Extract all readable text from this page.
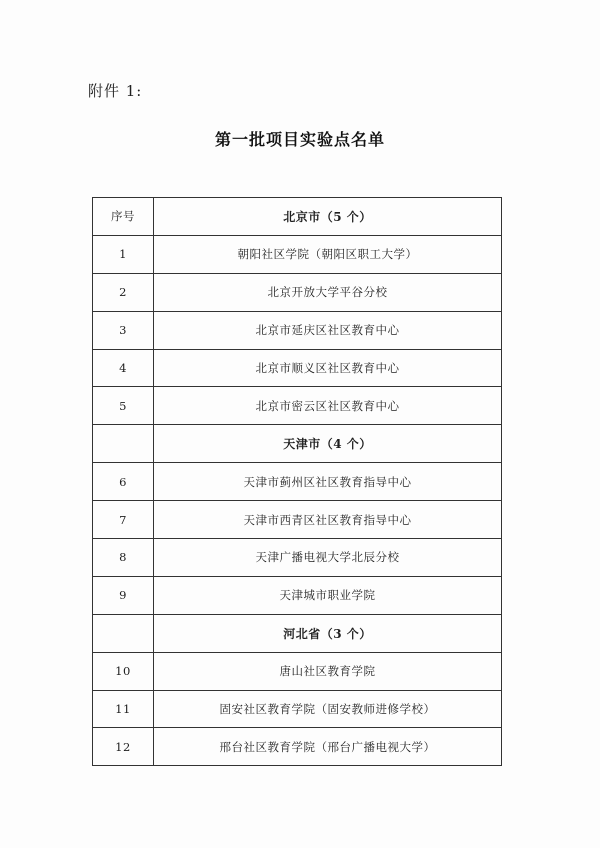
附件 1:
第一批项目实验点名单
序号	北京市（5 个）
1	朝阳社区学院（朝阳区职工大学）
2	北京开放大学平谷分校
3	北京市延庆区社区教育中心
4	北京市顺义区社区教育中心
5	北京市密云区社区教育中心
	天津市（4 个）
6	天津市蓟州区社区教育指导中心
7	天津市西青区社区教育指导中心
8	天津广播电视大学北辰分校
9	天津城市职业学院
	河北省（3 个）
10	唐山社区教育学院
11	固安社区教育学院（固安教师进修学校）
12	邢台社区教育学院（邢台广播电视大学）
